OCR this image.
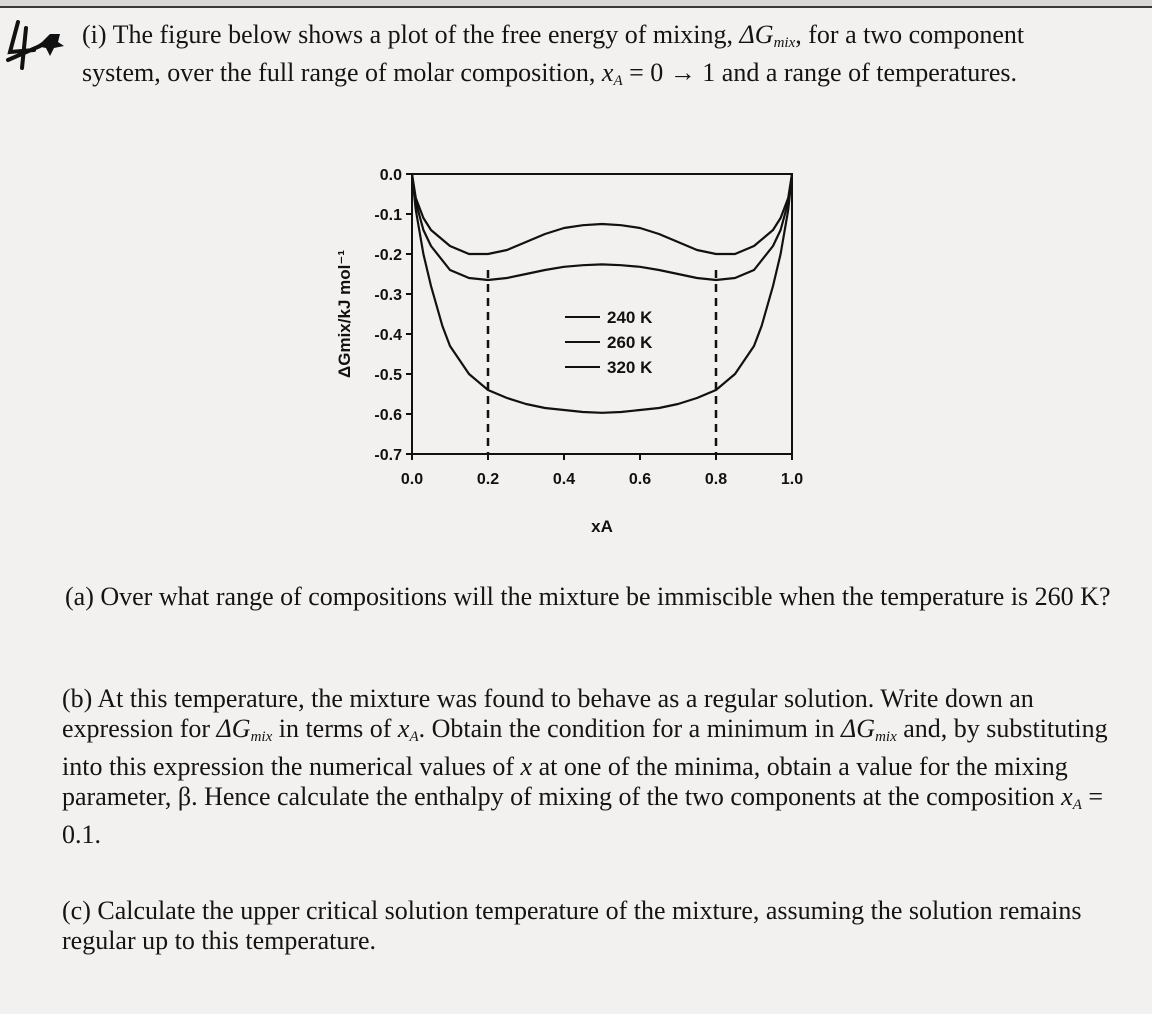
(i) The figure below shows a plot of the free energy of mixing, $\Delta G_{mix}$, for a two component system, over the full range of molar composition, $x_A = 0 \to 1$ and a range of temperatures.

0.0
-0.1
-0.2
-0.3
-0.4
-0.5
-0.6
-0.7
0.0	0.2	0.4	0.6	0.8	1.0
240 K
260 K
320 K
ΔGmix/kJ mol⁻¹
xA

(a) Over what range of compositions will the mixture be immiscible when the temperature is 260 K?

(b) At this temperature, the mixture was found to behave as a regular solution. Write down an expression for $\Delta G_{mix}$ in terms of $x_A$. Obtain the condition for a minimum in $\Delta G_{mix}$ and, by substituting into this expression the numerical values of x at one of the minima, obtain a value for the mixing parameter, β. Hence calculate the enthalpy of mixing of the two components at the composition $x_A = 0.1$.

(c) Calculate the upper critical solution temperature of the mixture, assuming the solution remains regular up to this temperature.
